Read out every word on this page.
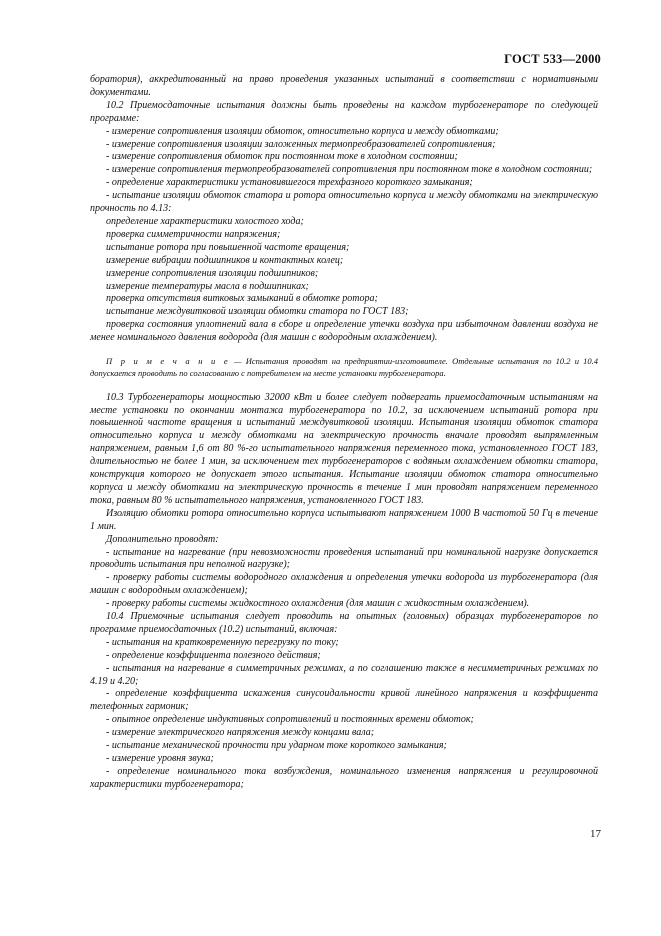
ГОСТ 533—2000

боратория), аккредитованный на право проведения указанных испытаний в соответствии с нормативными документами.

10.2 Приемосдаточные испытания должны быть проведены на каждом турбогенераторе по следующей программе:

- измерение сопротивления изоляции обмоток, относительно корпуса и между обмотками;

- измерение сопротивления изоляции заложенных термопреобразователей сопротивления;

- измерение сопротивления обмоток при постоянном токе в холодном состоянии;

- измерение сопротивления термопреобразователей сопротивления при постоянном токе в холодном состоянии;

- определение характеристики установившегося трехфазного короткого замыкания;

- испытание изоляции обмоток статора и ротора относительно корпуса и между обмотками на электрическую прочность по 4.13:

определение характеристики холостого хода;

проверка симметричности напряжения;

испытание ротора при повышенной частоте вращения;

измерение вибрации подшипников и контактных колец;

измерение сопротивления изоляции подшипников;

измерение температуры масла в подшипниках;

проверка отсутствия витковых замыканий в обмотке ротора;

испытание междувитковой изоляции обмотки статора по ГОСТ 183;

проверка состояния уплотнений вала в сборе и определение утечки воздуха при избыточном давлении воздуха не менее номинального давления водорода (для машин с водородным охлаждением).

П р и м е ч а н и е — Испытания проводят на предприятии-изготовителе. Отдельные испытания по 10.2 и 10.4 допускается проводить по согласованию с потребителем на месте установки турбогенератора.

10.3 Турбогенераторы мощностью 32000 кВт и более следует подвергать приемосдаточным испытаниям на месте установки по окончании монтажа турбогенератора по 10.2, за исключением испытаний ротора при повышенной частоте вращения и испытаний междувитковой изоляции. Испытания изоляции обмоток статора относительно корпуса и между обмотками на электрическую прочность вначале проводят выпрямленным напряжением, равным 1,6 от 80 %-го испытательного напряжения переменного тока, установленного ГОСТ 183, длительностью не более 1 мин, за исключением тех турбогенераторов с водяным охлаждением обмотки статора, конструкция которого не допускает этого испытания. Испытание изоляции обмоток статора относительно корпуса и между обмотками на электрическую прочность в течение 1 мин проводят напряжением переменного тока, равным 80 % испытательного напряжения, установленного ГОСТ 183.

Изоляцию обмотки ротора относительно корпуса испытывают напряжением 1000 В частотой 50 Гц в течение 1 мин.

Дополнительно проводят:

- испытание на нагревание (при невозможности проведения испытаний при номинальной нагрузке допускается проводить испытания при неполной нагрузке);

- проверку работы системы водородного охлаждения и определения утечки водорода из турбогенератора (для машин с водородным охлаждением);

- проверку работы системы жидкостного охлаждения (для машин с жидкостным охлаждением).

10.4 Приемочные испытания следует проводить на опытных (головных) образцах турбогенераторов по программе приемосдаточных (10.2) испытаний, включая:

- испытания на кратковременную перегрузку по току;

- определение коэффициента полезного действия;

- испытания на нагревание в симметричных режимах, а по соглашению также в несимметричных режимах по 4.19 и 4.20;

- определение коэффициента искажения синусоидальности кривой линейного напряжения и коэффициента телефонных гармоник;

- опытное определение индуктивных сопротивлений и постоянных времени обмоток;

- измерение электрического напряжения между концами вала;

- испытание механической прочности при ударном токе короткого замыкания;

- измерение уровня звука;

- определение номинального тока возбуждения, номинального изменения напряжения и регулировочной характеристики турбогенератора;

17
